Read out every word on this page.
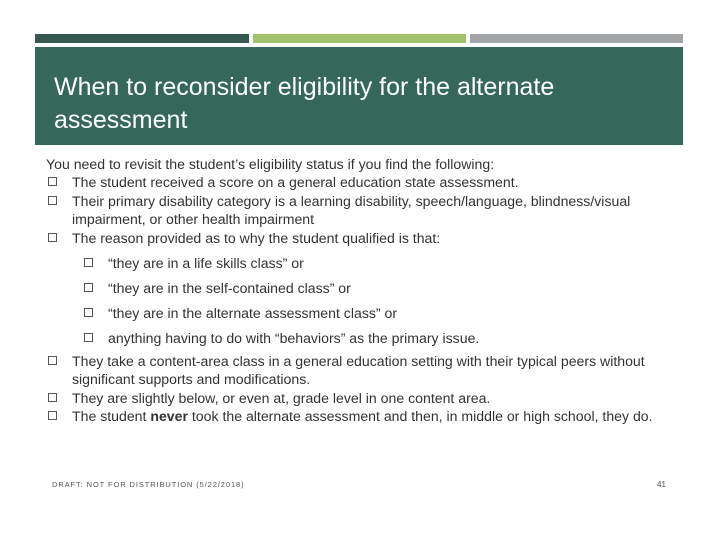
When to reconsider eligibility for the alternate assessment

You need to revisit the student’s eligibility status if you find the following:

The student received a score on a general education state assessment.
Their primary disability category is a learning disability, speech/language, blindness/visual impairment, or other health impairment
The reason provided as to why the student qualified is that:
“they are in a life skills class” or
“they are in the self-contained class” or
“they are in the alternate assessment class” or
anything having to do with “behaviors” as the primary issue.
They take a content-area class in a general education setting with their typical peers without significant supports and modifications.
They are slightly below, or even at, grade level in one content area.
The student never took the alternate assessment and then, in middle or high school, they do.
DRAFT: NOT FOR DISTRIBUTION (5/22/2018)	41
